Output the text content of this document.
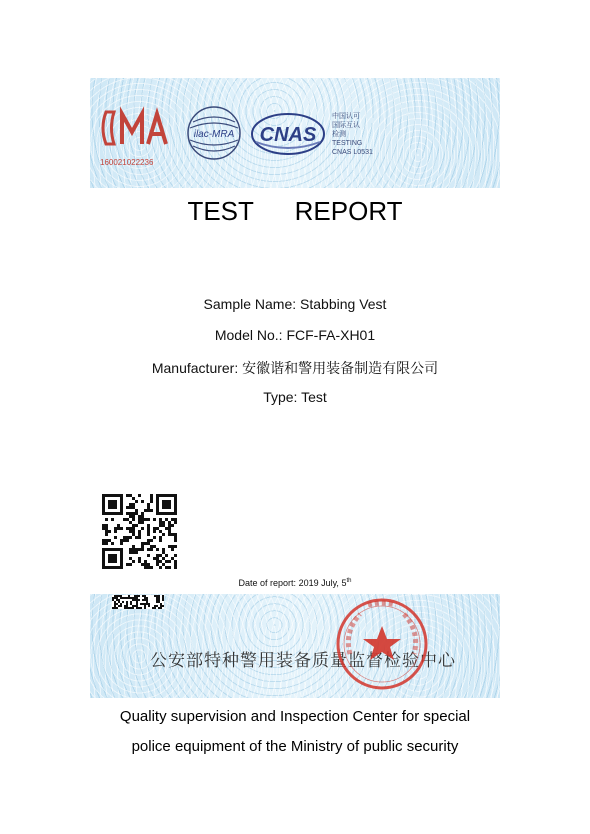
160021022236
ilac-MRA CNAS
中国认可
国际互认
检测
TESTING
CNAS L0531
TEST REPORT
Sample Name: Stabbing Vest
Model No.: FCF-FA-XH01
Manufacturer: 安徽谐和警用装备制造有限公司
Type: Test
Date of report: 2019 July, 5th
公安部特种警用装备质量监督检验中心
Quality supervision and Inspection Center for special
police equipment of the Ministry of public security
